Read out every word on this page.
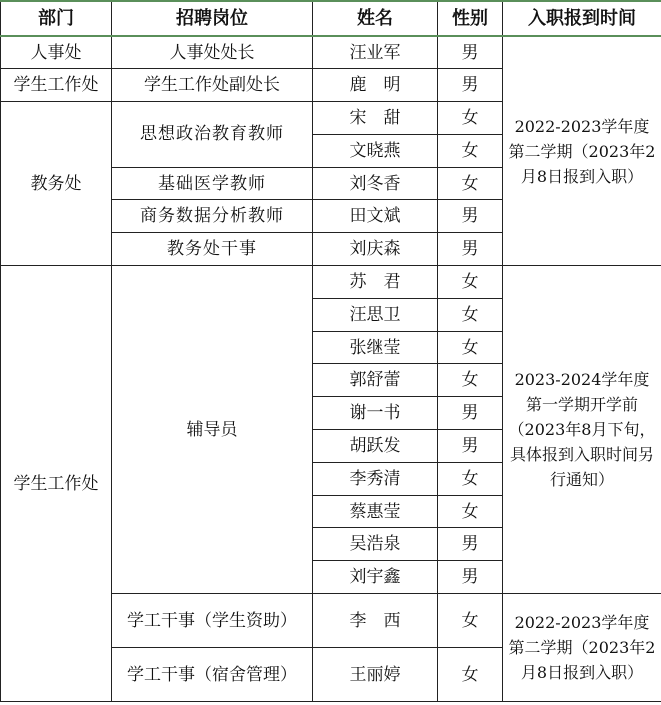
部门	招聘岗位	姓名	性别	入职报到时间
人事处	人事处处长	汪业军	男	2022-2023学年度第二学期（2023年2月8日报到入职）
学生工作处	学生工作处副处长	鹿　明	男	
教务处	思想政治教育教师	宋　甜	女	
		文晓燕	女	
	基础医学教师	刘冬香	女	
	商务数据分析教师	田文斌	男	
	教务处干事	刘庆森	男	
学生工作处	辅导员	苏　君	女	2023-2024学年度第一学期开学前（2023年8月下旬，具体报到入职时间另行通知）
		汪思卫	女	
		张继莹	女	
		郭舒蕾	女	
		谢一书	男	
		胡跃发	男	
		李秀清	女	
		蔡惠莹	女	
		吴浩泉	男	
		刘宇鑫	男	
	学工干事（学生资助）	李　西	女	2022-2023学年度第二学期（2023年2月8日报到入职）
	学工干事（宿舍管理）	王丽婷	女	
